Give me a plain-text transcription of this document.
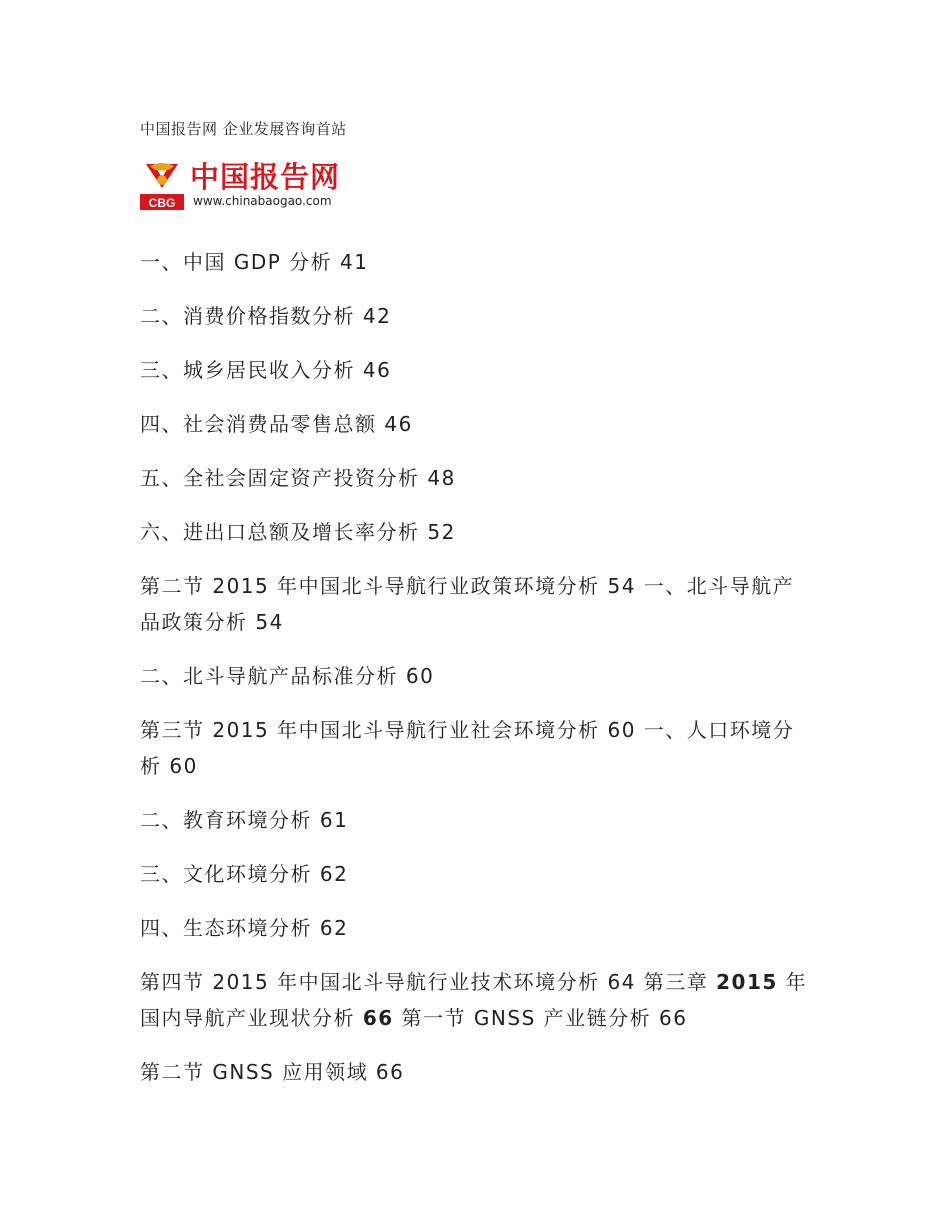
中国报告网 企业发展咨询首站
CBG
中国报告网
www.chinabaogao.com
一、中国 GDP 分析 41
二、消费价格指数分析 42
三、城乡居民收入分析 46
四、社会消费品零售总额 46
五、全社会固定资产投资分析 48
六、进出口总额及增长率分析 52
第二节 2015 年中国北斗导航行业政策环境分析 54 一、北斗导航产品政策分析 54
二、北斗导航产品标准分析 60
第三节 2015 年中国北斗导航行业社会环境分析 60 一、人口环境分析 60
二、教育环境分析 61
三、文化环境分析 62
四、生态环境分析 62
第四节 2015 年中国北斗导航行业技术环境分析 64 第三章 2015 年国内导航产业现状分析 66 第一节 GNSS 产业链分析 66
第二节 GNSS 应用领域 66
